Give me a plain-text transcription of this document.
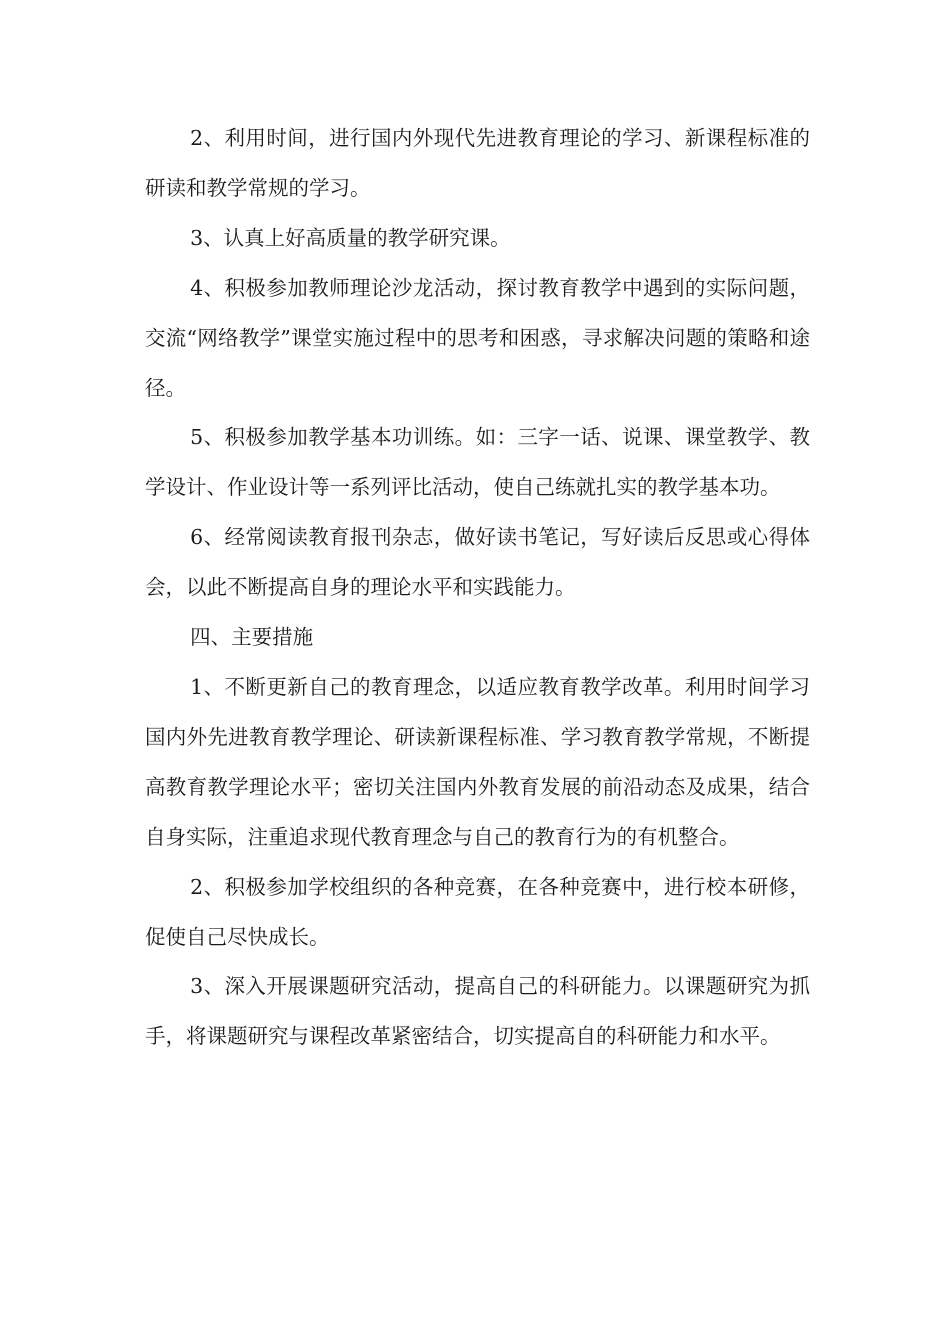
2、利用时间，进行国内外现代先进教育理论的学习、新课程标准的研读和教学常规的学习。

3、认真上好高质量的教学研究课。

4、积极参加教师理论沙龙活动，探讨教育教学中遇到的实际问题，交流“网络教学”课堂实施过程中的思考和困惑，寻求解决问题的策略和途径。

5、积极参加教学基本功训练。如：三字一话、说课、课堂教学、教学设计、作业设计等一系列评比活动，使自己练就扎实的教学基本功。

6、经常阅读教育报刊杂志，做好读书笔记，写好读后反思或心得体会，以此不断提高自身的理论水平和实践能力。

四、主要措施

1、不断更新自己的教育理念，以适应教育教学改革。利用时间学习国内外先进教育教学理论、研读新课程标准、学习教育教学常规，不断提高教育教学理论水平；密切关注国内外教育发展的前沿动态及成果，结合自身实际，注重追求现代教育理念与自己的教育行为的有机整合。

2、积极参加学校组织的各种竞赛，在各种竞赛中，进行校本研修，促使自己尽快成长。

3、深入开展课题研究活动，提高自己的科研能力。以课题研究为抓手，将课题研究与课程改革紧密结合，切实提高自的科研能力和水平。
